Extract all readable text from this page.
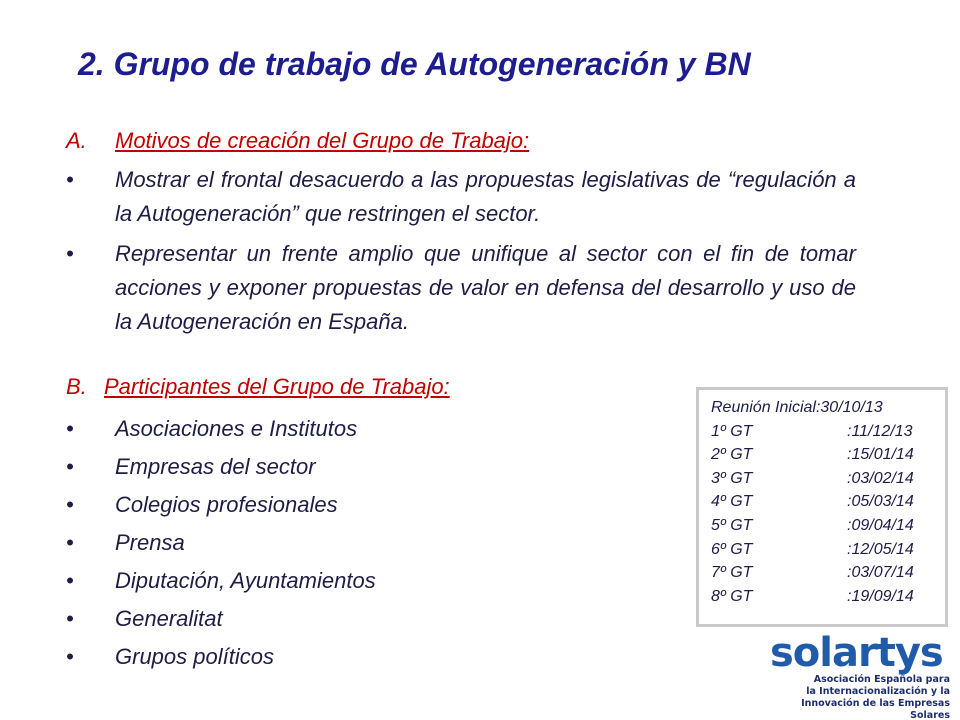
2. Grupo de trabajo de Autogeneración y BN
A. Motivos de creación del Grupo de Trabajo:
• Mostrar el frontal desacuerdo a las propuestas legislativas de “regulación a la Autogeneración” que restringen el sector.
• Representar un frente amplio que unifique al sector con el fin de tomar acciones y exponer propuestas de valor en defensa del desarrollo y uso de la Autogeneración en España.
B. Participantes del Grupo de Trabajo:
• Asociaciones e Institutos
• Empresas del sector
• Colegios profesionales
• Prensa
• Diputación, Ayuntamientos
• Generalitat
• Grupos políticos
Reunión Inicial:30/10/13
1º GT	:11/12/13
2º GT	:15/01/14
3º GT	:03/02/14
4º GT	:05/03/14
5º GT	:09/04/14
6º GT	:12/05/14
7º GT	:03/07/14
8º GT	:19/09/14
solartys
Asociación Española para
la Internacionalización y la
Innovación de las Empresas Solares
